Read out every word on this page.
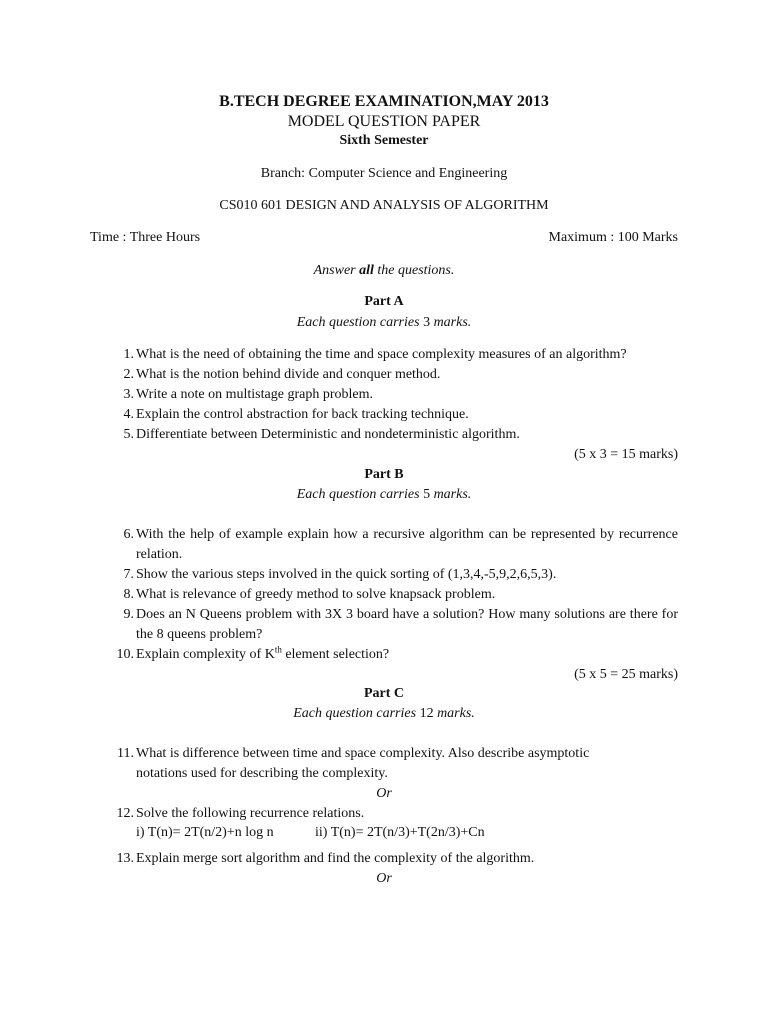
B.TECH DEGREE EXAMINATION,MAY 2013
MODEL QUESTION PAPER
Sixth Semester
Branch: Computer Science and Engineering
CS010 601 DESIGN AND ANALYSIS OF ALGORITHM
Time : Three Hours	Maximum : 100 Marks
Answer all the questions.
Part A
Each question carries 3 marks.
1. What is the need of obtaining the time and space complexity measures of an algorithm?
2. What is the notion behind divide and conquer method.
3. Write a note on multistage graph problem.
4. Explain the control abstraction for back tracking technique.
5. Differentiate between Deterministic and nondeterministic algorithm.
(5 x 3 = 15 marks)
Part B
Each question carries 5 marks.
6. With the help of example explain how a recursive algorithm can be represented by recurrence relation.
7. Show the various steps involved in the quick sorting of (1,3,4,-5,9,2,6,5,3).
8. What is relevance of greedy method to solve knapsack problem.
9. Does an N Queens problem with 3X 3 board have a solution? How many solutions are there for the 8 queens problem?
10. Explain complexity of $K^{th}$ element selection?
(5 x 5 = 25 marks)
Part C
Each question carries 12 marks.
11. What is difference between time and space complexity. Also describe asymptotic notations used for describing the complexity.
Or
12. Solve the following recurrence relations.
i) T(n)= 2T(n/2)+n log n	ii) T(n)= 2T(n/3)+T(2n/3)+Cn
13. Explain merge sort algorithm and find the complexity of the algorithm.
Or
